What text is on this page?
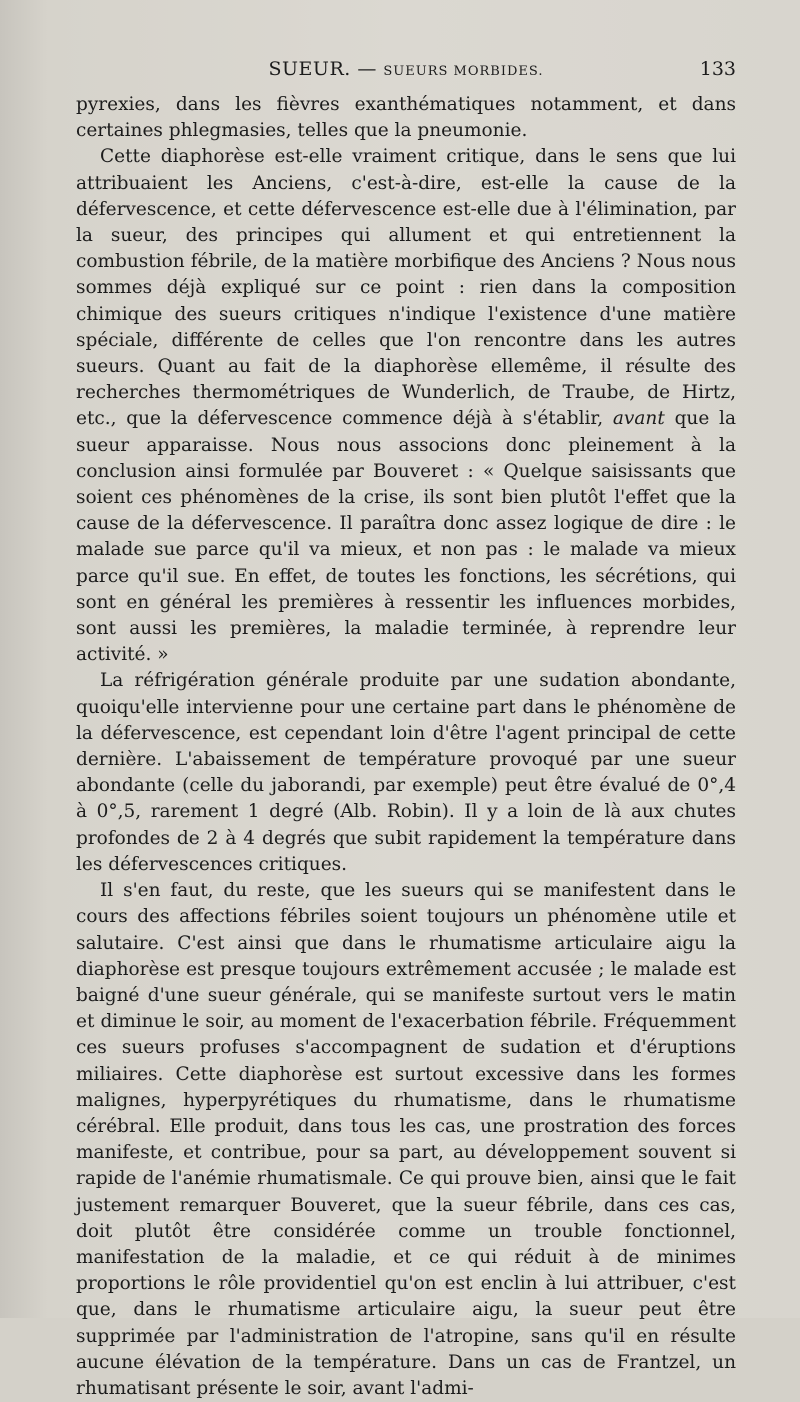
SUEUR. — SUEURS MORBIDES.	133

pyrexies, dans les fièvres exanthématiques notamment, et dans certaines phlegmasies, telles que la pneumonie.

Cette diaphorèse est-elle vraiment critique, dans le sens que lui attribuaient les Anciens, c'est-à-dire, est-elle la cause de la défervescence, et cette défervescence est-elle due à l'élimination, par la sueur, des principes qui allument et qui entretiennent la combustion fébrile, de la matière morbifique des Anciens ? Nous nous sommes déjà expliqué sur ce point : rien dans la composition chimique des sueurs critiques n'indique l'existence d'une matière spéciale, différente de celles que l'on rencontre dans les autres sueurs. Quant au fait de la diaphorèse ellemême, il résulte des recherches thermométriques de Wunderlich, de Traube, de Hirtz, etc., que la défervescence commence déjà à s'établir, avant que la sueur apparaisse. Nous nous associons donc pleinement à la conclusion ainsi formulée par Bouveret : « Quelque saisissants que soient ces phénomènes de la crise, ils sont bien plutôt l'effet que la cause de la défervescence. Il paraîtra donc assez logique de dire : le malade sue parce qu'il va mieux, et non pas : le malade va mieux parce qu'il sue. En effet, de toutes les fonctions, les sécrétions, qui sont en général les premières à ressentir les influences morbides, sont aussi les premières, la maladie terminée, à reprendre leur activité. »

La réfrigération générale produite par une sudation abondante, quoiqu'elle intervienne pour une certaine part dans le phénomène de la défervescence, est cependant loin d'être l'agent principal de cette dernière. L'abaissement de température provoqué par une sueur abondante (celle du jaborandi, par exemple) peut être évalué de 0°,4 à 0°,5, rarement 1 degré (Alb. Robin). Il y a loin de là aux chutes profondes de 2 à 4 degrés que subit rapidement la température dans les défervescences critiques.

Il s'en faut, du reste, que les sueurs qui se manifestent dans le cours des affections fébriles soient toujours un phénomène utile et salutaire. C'est ainsi que dans le rhumatisme articulaire aigu la diaphorèse est presque toujours extrêmement accusée ; le malade est baigné d'une sueur générale, qui se manifeste surtout vers le matin et diminue le soir, au moment de l'exacerbation fébrile. Fréquemment ces sueurs profuses s'accompagnent de sudation et d'éruptions miliaires. Cette diaphorèse est surtout excessive dans les formes malignes, hyperpyrétiques du rhumatisme, dans le rhumatisme cérébral. Elle produit, dans tous les cas, une prostration des forces manifeste, et contribue, pour sa part, au développement souvent si rapide de l'anémie rhumatismale. Ce qui prouve bien, ainsi que le fait justement remarquer Bouveret, que la sueur fébrile, dans ces cas, doit plutôt être considérée comme un trouble fonctionnel, manifestation de la maladie, et ce qui réduit à de minimes proportions le rôle providentiel qu'on est enclin à lui attribuer, c'est que, dans le rhumatisme articulaire aigu, la sueur peut être supprimée par l'administration de l'atropine, sans qu'il en résulte aucune élévation de la température. Dans un cas de Frantzel, un rhumatisant présente le soir, avant l'admi-
